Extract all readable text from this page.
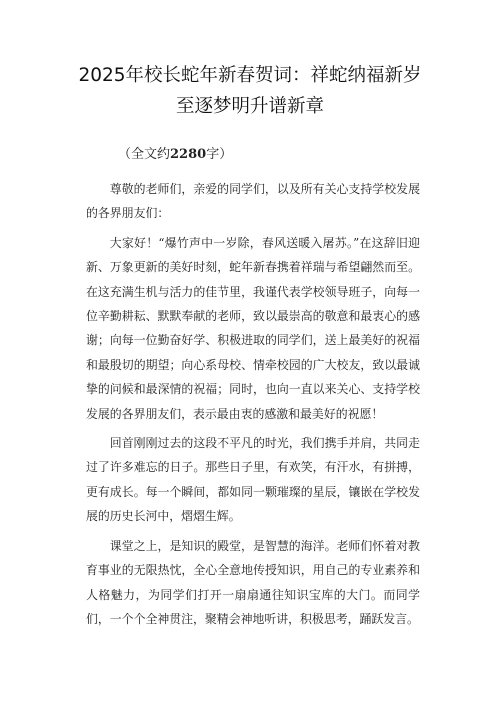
2025年校长蛇年新春贺词：祥蛇纳福新岁
至逐梦明升谱新章
（全文约2280字）

尊敬的老师们，亲爱的同学们，以及所有关心支持学校发展的各界朋友们：

大家好！“爆竹声中一岁除，春风送暖入屠苏。”在这辞旧迎新、万象更新的美好时刻，蛇年新春携着祥瑞与希望翩然而至。在这充满生机与活力的佳节里，我谨代表学校领导班子，向每一位辛勤耕耘、默默奉献的老师，致以最崇高的敬意和最衷心的感谢；向每一位勤奋好学、积极进取的同学们，送上最美好的祝福和最殷切的期望；向心系母校、情牵校园的广大校友，致以最诚挚的问候和最深情的祝福；同时，也向一直以来关心、支持学校发展的各界朋友们，表示最由衷的感激和最美好的祝愿！

回首刚刚过去的这段不平凡的时光，我们携手并肩，共同走过了许多难忘的日子。那些日子里，有欢笑，有汗水，有拼搏，更有成长。每一个瞬间，都如同一颗璀璨的星辰，镶嵌在学校发展的历史长河中，熠熠生辉。

课堂之上，是知识的殿堂，是智慧的海洋。老师们怀着对教育事业的无限热忱，全心全意地传授知识，用自己的专业素养和人格魅力，为同学们打开一扇扇通往知识宝库的大门。而同学们，一个个全神贯注，聚精会神地听讲，积极思考，踊跃发言。
